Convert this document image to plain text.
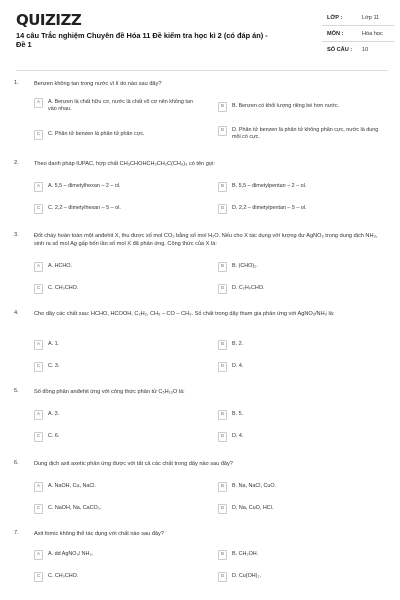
QUIZIZZ
14 câu Trắc nghiệm Chuyên đề Hóa 11 Đề kiểm tra học kì 2 (có đáp án) - Đề 1
LỚP :	Lớp 11
MÔN :	Hóa học
SỐ CÂU : 10
1.	Benzen không tan trong nước vì lí do nào sau đây?
A	A. Benzen là chất hữu cơ, nước là chất vô cơ nên không tan vào nhau.	B	B. Benzen có khối lượng riêng bé hơn nước.
C	C. Phân tử benzen là phân tử phân cực.
D	D. Phân tử benzen là phân tử không phân cực, nước là dung môi có cực.
2.	Theo danh pháp IUPAC, hợp chất CH₃CHOHCH₂CH₂C(CH₃)₃ có tên gọi:
A	A. 5,5 – đimetylhexan – 2 – ol.	B	B. 5,5 – đimetylpentan – 2 – ol.
C	C. 2,2 – đimetylhexan – 5 – ol.	D	D. 2,2 – đimetylpentan – 5 – ol.
3.	Đốt cháy hoàn toàn một anđehit X, thu được số mol CO₂ bằng số mol H₂O. Nếu cho X tác dụng với lượng dư AgNO₃ trong dung dịch NH₃, sinh ra số mol Ag gấp bốn lần số mol X đã phản ứng. Công thức của X là:
A	A. HCHO.	B	B. (CHO)₂.
C	C. CH₃CHO.	D	D. C₂H₅CHO.
4.	Cho dãy các chất sau: HCHO, HCOOH, C₂H₂, CH₃ – CO – CH₃. Số chất trong dãy tham gia phản ứng với AgNO₃/NH₃ là:
A	A. 1.	B	B. 2.
C	C. 3.	D	D. 4.
5.	Số đồng phân anđehit ứng với công thức phân tử C₅H₁₀O là:
A	A. 3.	B	B. 5.
C	C. 6.	D	D. 4.
6.	Dung dịch axit axetic phản ứng được với tất cả các chất trong dãy nào sau đây?
A	A. NaOH, Cu, NaCl.	B	B. Na, NaCl, CuO.
C	C. NaOH, Na, CaCO₃.	D	D. Na, CuO, HCl.
7.	Axit fomic không thể tác dụng với chất nào sau đây?
A	A. dd AgNO₃/ NH₃.	B	B. CH₃OH.
C	C. CH₃CHO.	D	D. Cu(OH)₂.
